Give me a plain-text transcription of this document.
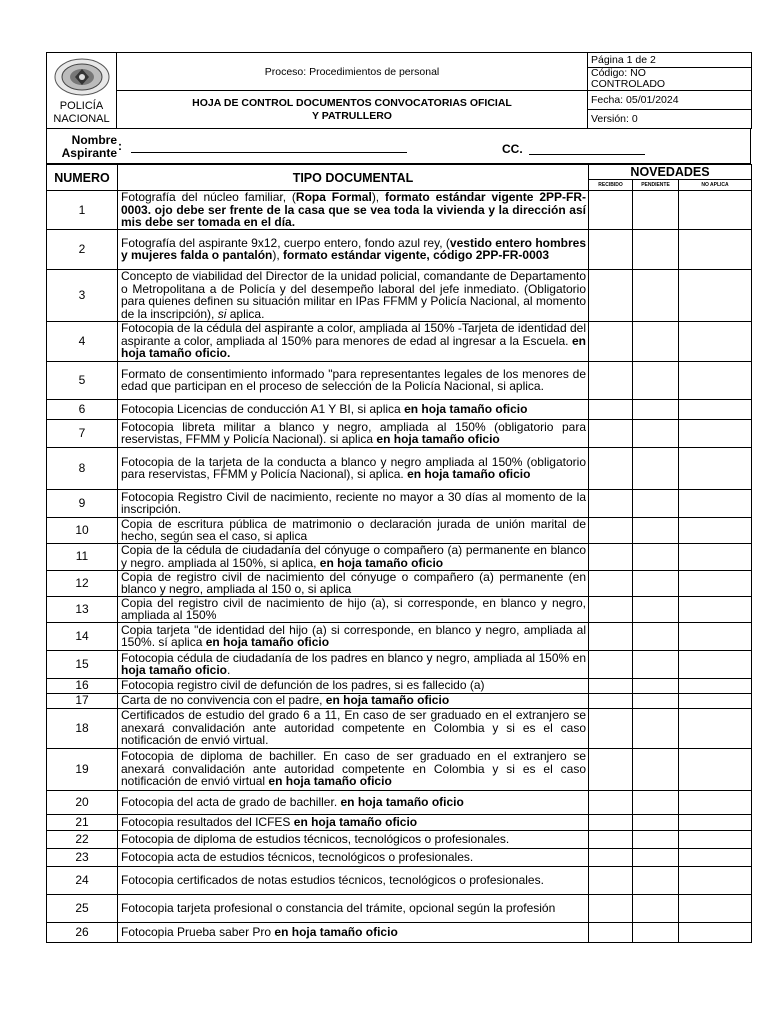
POLICÍA
NACIONAL	Proceso: Procedimientos de personal	Página 1 de 2

		Código: NO
CONTROLADO

	HOJA DE CONTROL DOCUMENTOS CONVOCATORIAS OFICIAL
Y PATRULLERO	Fecha: 05/01/2024
		Versión: 0
Nombre
Aspirante :	CC.
NUMERO	TIPO DOCUMENTAL	NOVEDADES		
		RECIBIDO	PENDIENTE	NO APLICA
1	Fotografía del núcleo familiar, (Ropa Formal), formato estándar vigente 2PP-FR-0003. ojo debe ser frente de la casa que se vea toda la vivienda y la dirección así mis debe ser tomada en el día.			
2	Fotografía del aspirante 9x12, cuerpo entero, fondo azul rey, (vestido entero hombres y mujeres falda o pantalón), formato estándar vigente, código 2PP-FR-0003			
3	Concepto de viabilidad del Director de la unidad policial, comandante de Departamento o Metropolitana a de Policía y del desempeño laboral del jefe inmediato. (Obligatorio para quienes definen su situación militar en IPas FFMM y Policía Nacional, al momento de la inscripción), si aplica.			
4	Fotocopia de la cédula del aspirante a color, ampliada al 150% -Tarjeta de identidad del aspirante a color, ampliada al 150% para menores de edad al ingresar a la Escuela. en hoja tamaño oficio.			
5	Formato de consentimiento informado "para representantes legales de los menores de edad que participan en el proceso de selección de la Policía Nacional, si aplica.			
6	Fotocopia Licencias de conducción A1 Y BI, si aplica en hoja tamaño oficio			
7	Fotocopia libreta militar a blanco y negro, ampliada al 150% (obligatorio para reservistas, FFMM y Policía Nacional). si aplica en hoja tamaño oficio			
8	Fotocopia de la tarjeta de la conducta a blanco y negro ampliada al 150% (obligatorio para reservistas, FFMM y Policía Nacional), si aplica. en hoja tamaño oficio			
9	Fotocopia Registro Civil de nacimiento, reciente no mayor a 30 días al momento de la inscripción.			
10	Copia de escritura pública de matrimonio o declaración jurada de unión marital de hecho, según sea el caso, si aplica			
11	Copia de la cédula de ciudadanía del cónyuge o compañero (a) permanente en blanco y negro. ampliada al 150%, si aplica, en hoja tamaño oficio			
12	Copia de registro civil de nacimiento del cónyuge o compañero (a) permanente (en blanco y negro, ampliada al 150 o, si aplica			
13	Copia del registro civil de nacimiento de hijo (a), si corresponde, en blanco y negro, ampliada al 150%			
14	Copia tarjeta "de identidad del hijo (a) si corresponde, en blanco y negro, ampliada al 150%. sí aplica en hoja tamaño oficio			
15	Fotocopia cédula de ciudadanía de los padres en blanco y negro, ampliada al 150% en hoja tamaño oficio.			
16	Fotocopia registro civil de defunción de los padres, si es fallecido (a)			
17	Carta de no convivencia con el padre, en hoja tamaño oficio			
18	Certificados de estudio del grado 6 a 11, En caso de ser graduado en el extranjero se anexará convalidación ante autoridad competente en Colombia y si es el caso notificación de envió virtual.			
19	Fotocopia de diploma de bachiller. En caso de ser graduado en el extranjero se anexará convalidación ante autoridad competente en Colombia y si es el caso notificación de envió virtual en hoja tamaño oficio			
20	Fotocopia del acta de grado de bachiller. en hoja tamaño oficio			
21	Fotocopia resultados del ICFES en hoja tamaño oficio			
22	Fotocopia de diploma de estudios técnicos, tecnológicos o profesionales.			
23	Fotocopia acta de estudios técnicos, tecnológicos o profesionales.			
24	Fotocopia certificados de notas estudios técnicos, tecnológicos o profesionales.			
25	Fotocopia tarjeta profesional o constancia del trámite, opcional según la profesión			
26	Fotocopia Prueba saber Pro en hoja tamaño oficio			
